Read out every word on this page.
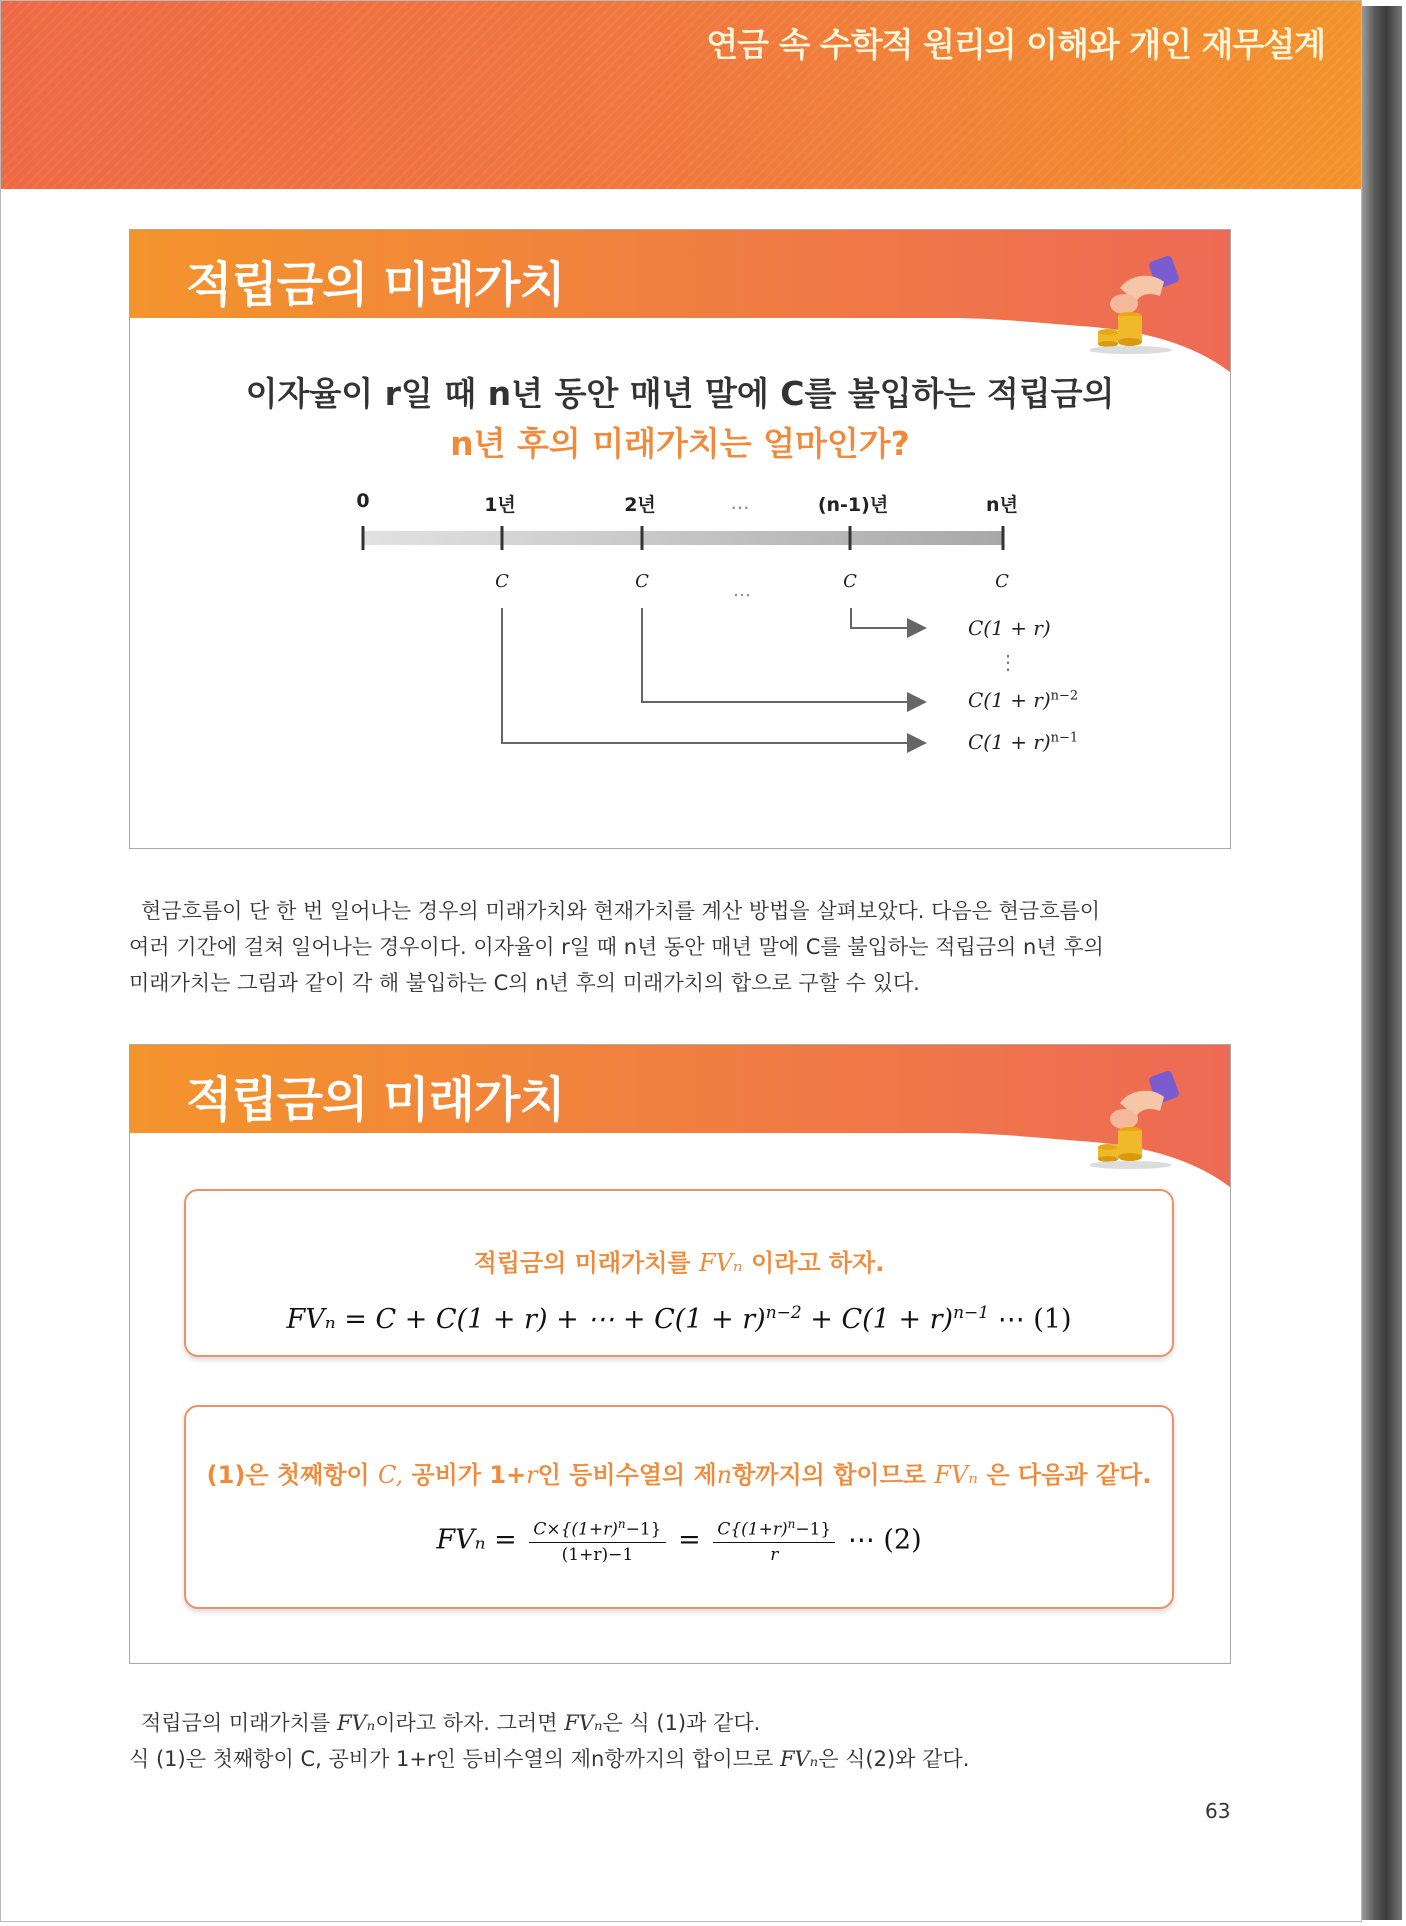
연금 속 수학적 원리의 이해와 개인 재무설계
적립금의 미래가치
이자율이 r일 때 n년 동안 매년 말에 C를 불입하는 적립금의
n년 후의 미래가치는 얼마인가?
0	1년	2년	…	(n-1)년	n년
C	C	…	C	C
C(1 + r)
⋮
$C(1 + r)^{n-2}$
$C(1 + r)^{n-1}$
현금흐름이 단 한 번 일어나는 경우의 미래가치와 현재가치를 계산 방법을 살펴보았다. 다음은 현금흐름이
여러 기간에 걸쳐 일어나는 경우이다. 이자율이 r일 때 n년 동안 매년 말에 C를 불입하는 적립금의 n년 후의
미래가치는 그림과 같이 각 해 불입하는 C의 n년 후의 미래가치의 합으로 구할 수 있다.
적립금의 미래가치
적립금의 미래가치를 FVₙ 이라고 하자.
FVₙ = C + C(1 + r) + ⋯ + $C(1 + r)^{n-2} + C(1 + r)^{n-1}$ ⋯ (1)
(1)은 첫째항이 C, 공비가 1+r인 등비수열의 제n항까지의 합이므로 FVₙ 은 다음과 같다.
$FV_n = \frac{C\times\{(1+r)^n-1\}}{(1+r)-1} = \frac{C\{(1+r)^n-1\}}{r}$ ⋯ (2)
적립금의 미래가치를 FVₙ이라고 하자. 그러면 FVₙ은 식 (1)과 같다.
식 (1)은 첫째항이 C, 공비가 1+r인 등비수열의 제n항까지의 합이므로 FVₙ은 식(2)와 같다.
63
